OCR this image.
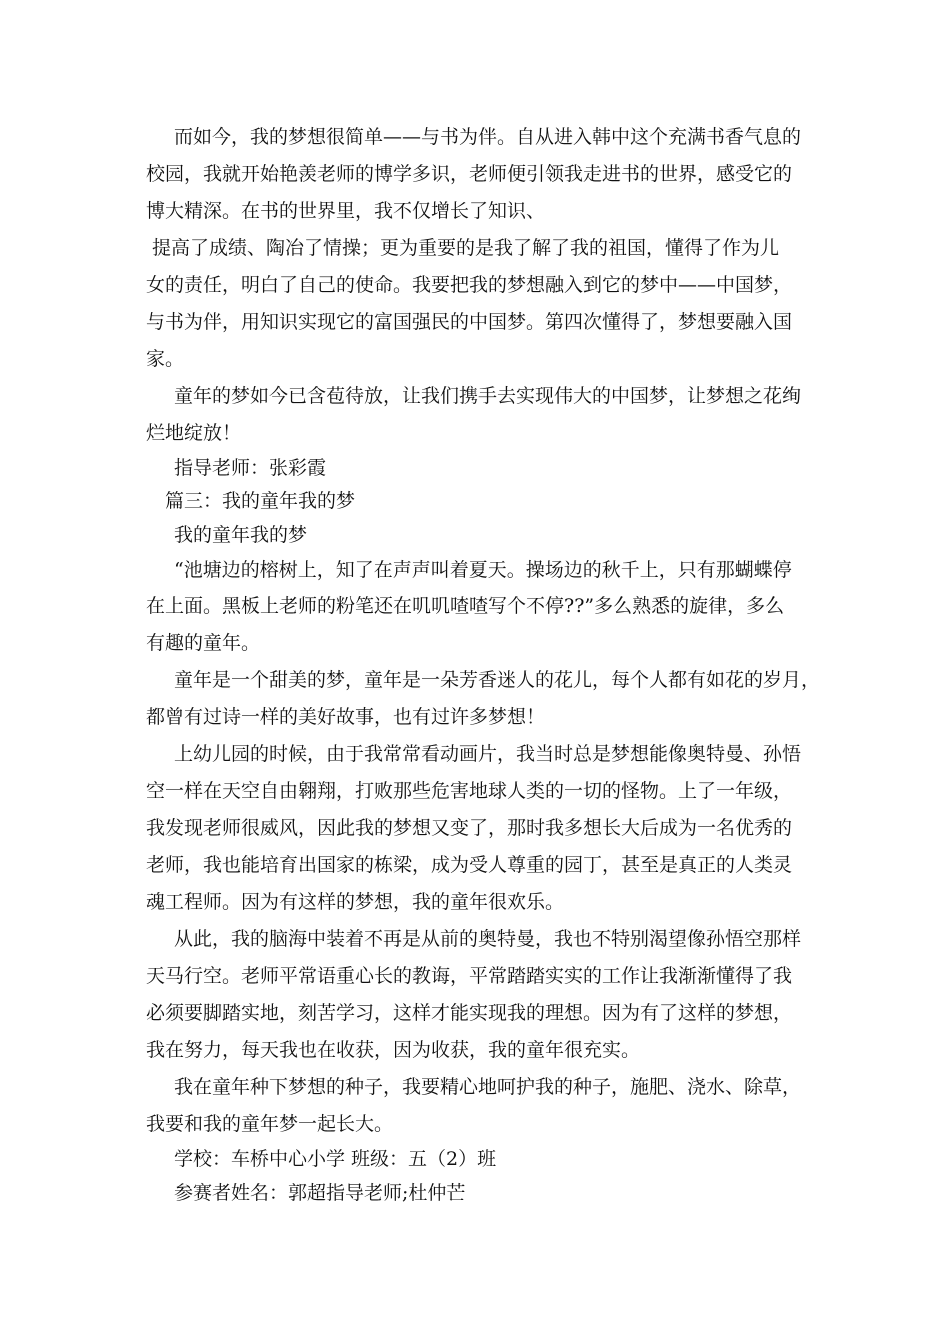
而如今，我的梦想很简单——与书为伴。自从进入韩中这个充满书香气息的
校园，我就开始艳羡老师的博学多识，老师便引领我走进书的世界，感受它的
博大精深。在书的世界里，我不仅增长了知识、
提高了成绩、陶冶了情操；更为重要的是我了解了我的祖国，懂得了作为儿
女的责任，明白了自己的使命。我要把我的梦想融入到它的梦中——中国梦，
与书为伴，用知识实现它的富国强民的中国梦。第四次懂得了，梦想要融入国
家。
童年的梦如今已含苞待放，让我们携手去实现伟大的中国梦，让梦想之花绚
烂地绽放！
指导老师：张彩霞
篇三：我的童年我的梦
我的童年我的梦
“池塘边的榕树上，知了在声声叫着夏天。操场边的秋千上，只有那蝴蝶停
在上面。黑板上老师的粉笔还在叽叽喳喳写个不停??”多么熟悉的旋律，多么
有趣的童年。
童年是一个甜美的梦，童年是一朵芳香迷人的花儿，每个人都有如花的岁月，
都曾有过诗一样的美好故事，也有过许多梦想！
上幼儿园的时候，由于我常常看动画片，我当时总是梦想能像奥特曼、孙悟
空一样在天空自由翱翔，打败那些危害地球人类的一切的怪物。上了一年级，
我发现老师很威风，因此我的梦想又变了，那时我多想长大后成为一名优秀的
老师，我也能培育出国家的栋梁，成为受人尊重的园丁，甚至是真正的人类灵
魂工程师。因为有这样的梦想，我的童年很欢乐。
从此，我的脑海中装着不再是从前的奥特曼，我也不特别渴望像孙悟空那样
天马行空。老师平常语重心长的教诲，平常踏踏实实的工作让我渐渐懂得了我
必须要脚踏实地，刻苦学习，这样才能实现我的理想。因为有了这样的梦想，
我在努力，每天我也在收获，因为收获，我的童年很充实。
我在童年种下梦想的种子，我要精心地呵护我的种子，施肥、浇水、除草，
我要和我的童年梦一起长大。
学校：车桥中心小学 班级：五（2）班
参赛者姓名：郭超指导老师;杜仲芒
